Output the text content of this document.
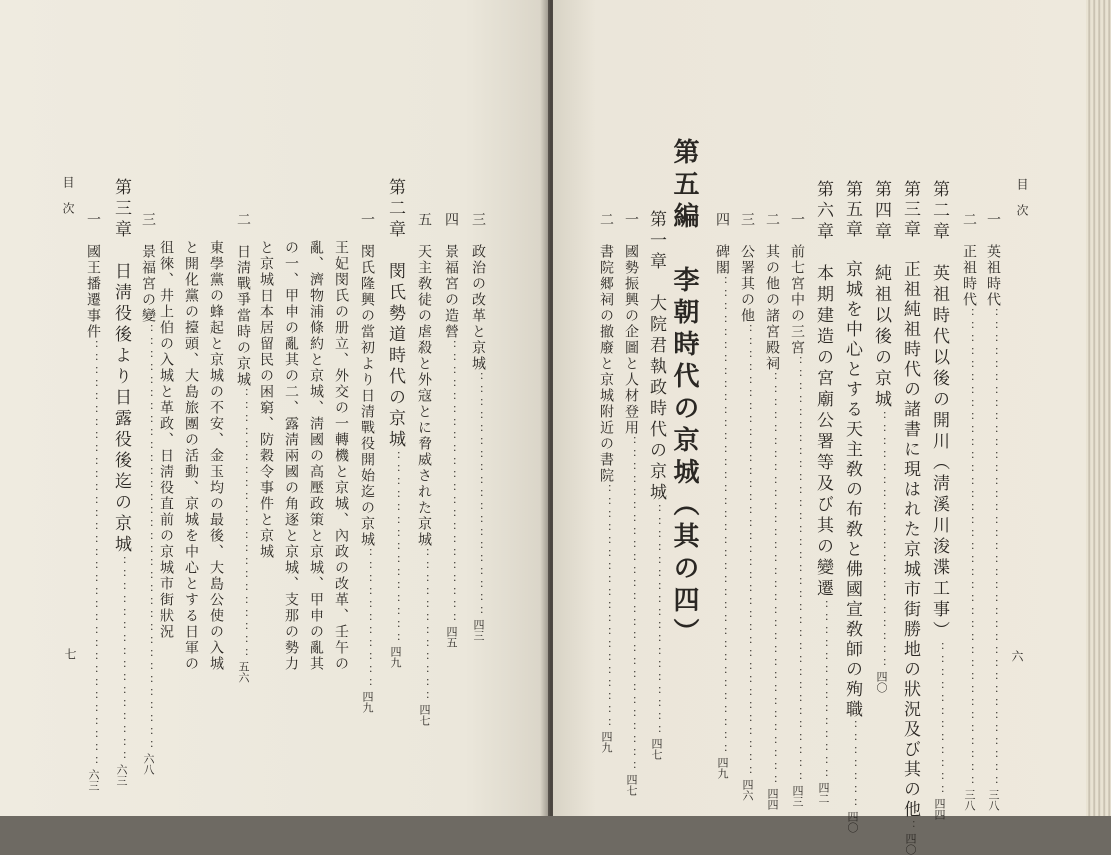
目　次
七
三　政治の改革と京城：：：：：：：：：：：：：：：：：：：四三
四　景福宮の造營：：：：：：：：：：：：：：：：：：：：：：四五
五　天主敎徒の虐殺と外寇とに脅威された京城：：：：：：：：：：：：四七
第二章　閔氏勢道時代の京城：：：：：：：：：：：：：：：四九
一　閔氏隆興の當初より日清戰役開始迄の京城：：：：：：：：：：：四九
王妃閔氏の册立、外交の一轉機と京城、內政の改革、壬午の
亂、濟物浦條約と京城、淸國の高壓政策と京城、甲申の亂其
の一、甲申の亂其の二、露淸兩國の角逐と京城、支那の勢力
と京城日本居留民の困窮、防穀令事件と京城
二　日淸戰爭當時の京城：：：：：：：：：：：：：：：：：：：：：五六
東學黨の蜂起と京城の不安、金玉均の最後、大島公使の入城
と開化黨の擡頭、大島旅團の活動、京城を中心とする日軍の
徂徠、井上伯の入城と革政、日淸役直前の京城市街狀況
三　景福宮の變：：：：：：：：：：：：：：：：：：：：：：：：：：：：：：：：：六八
第三章　日淸役後より日露役後迄の京城：：：：：：：：：：：：：：：：六三
一　國王播遷事件：：：：：：：：：：：：：：：：：：：：：：：：：：：：：：：：：六三
目　次
六
一　英祖時代：：：：：：：：：：：：：：：：：：：：：：：：：：：：：：：：：：：：：三八
二　正祖時代：：：：：：：：：：：：：：：：：：：：：：：：：：：：：：：：：：：：：三八
第二章　英祖時代以後の開川（淸溪川浚渫工事）：：：：：：：：：：：：四四
第三章　正祖純祖時代の諸書に現はれた京城市街勝地の狀況及び其の他：四〇
第四章　純祖以後の京城：：：：：：：：：：：：：：：：：：：：四〇
第五章　京城を中心とする天主敎の布敎と佛國宣敎師の殉職：：：：：：：四〇
第六章　本期建造の宮廟公署等及び其の變遷：：：：：：：：：：：：：：四二
一　前七宮中の三宮：：：：：：：：：：：：：：：：：：：：：：：：：：：：：：：：：四三
二　其の他の諸宮殿祠：：：：：：：：：：：：：：：：：：：：：：：：：：：：：：：：四四
三　公署其の他：：：：：：：：：：：：：：：：：：：：：：：：：：：：：：：：：：：四六
四　碑閣：：：：：：：：：：：：：：：：：：：：：：：：：：：：：：：：：：：：：四九
第五編　李朝時代の京城（其の四）
第一章　大院君執政時代の京城：：：：：：：：：：：：：：：：：：四七
一　國勢振興の企圖と人材登用：：：：：：：：：：：：：：：：：：：：：：：：：：四七
二　書院郷祠の撤廢と京城附近の書院：：：：：：：：：：：：：：：：：：：四九
